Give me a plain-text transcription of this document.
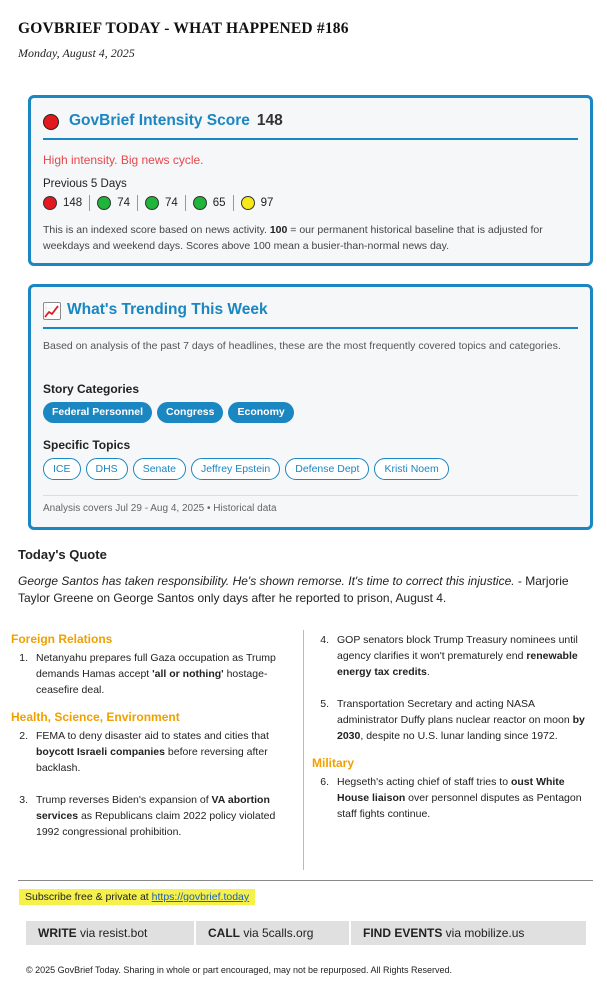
GOVBRIEF TODAY - WHAT HAPPENED #186
Monday, August 4, 2025
GovBrief Intensity Score 148
High intensity. Big news cycle.
Previous 5 Days
148	74	74	65	97
This is an indexed score based on news activity. 100 = our permanent historical baseline that is adjusted for weekdays and weekend days. Scores above 100 mean a busier-than-normal news day.
What's Trending This Week
Based on analysis of the past 7 days of headlines, these are the most frequently covered topics and categories.
Story Categories
Federal Personnel	Congress	Economy
Specific Topics
ICE	DHS	Senate	Jeffrey Epstein	Defense Dept	Kristi Noem
Analysis covers Jul 29 - Aug 4, 2025 • Historical data
Today's Quote
George Santos has taken responsibility. He's shown remorse. It's time to correct this injustice. - Marjorie Taylor Greene on George Santos only days after he reported to prison, August 4.
Foreign Relations
1. Netanyahu prepares full Gaza occupation as Trump demands Hamas accept 'all or nothing' hostage-ceasefire deal.
Health, Science, Environment
2. FEMA to deny disaster aid to states and cities that boycott Israeli companies before reversing after backlash.
3. Trump reverses Biden's expansion of VA abortion services as Republicans claim 2022 policy violated 1992 congressional prohibition.
4. GOP senators block Trump Treasury nominees until agency clarifies it won't prematurely end renewable energy tax credits.
5. Transportation Secretary and acting NASA administrator Duffy plans nuclear reactor on moon by 2030, despite no U.S. lunar landing since 1972.
Military
6. Hegseth's acting chief of staff tries to oust White House liaison over personnel disputes as Pentagon staff fights continue.
Subscribe free & private at https://govbrief.today
WRITE via resist.bot	CALL via 5calls.org	FIND EVENTS via mobilize.us
© 2025 GovBrief Today. Sharing in whole or part encouraged, may not be repurposed. All Rights Reserved.
